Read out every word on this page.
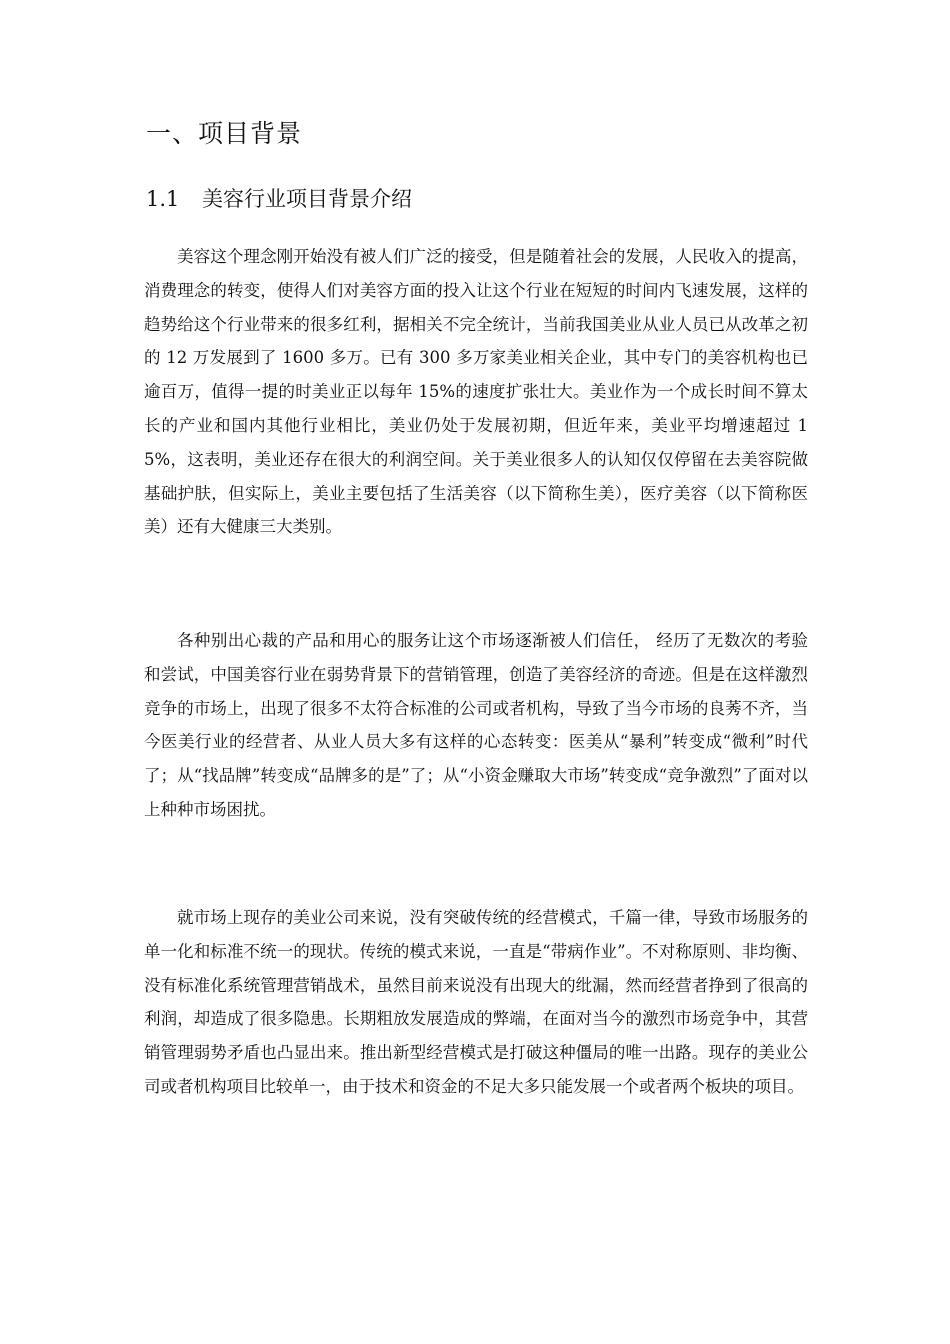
一、项目背景
1.1 美容行业项目背景介绍

美容这个理念刚开始没有被人们广泛的接受，但是随着社会的发展，人民收入的提高，消费理念的转变，使得人们对美容方面的投入让这个行业在短短的时间内飞速发展，这样的趋势给这个行业带来的很多红利，据相关不完全统计，当前我国美业从业人员已从改革之初的 12 万发展到了 1600 多万。已有 300 多万家美业相关企业，其中专门的美容机构也已逾百万，值得一提的时美业正以每年 15%的速度扩张壮大。美业作为一个成长时间不算太长的产业和国内其他行业相比，美业仍处于发展初期，但近年来，美业平均增速超过 15%，这表明，美业还存在很大的利润空间。关于美业很多人的认知仅仅停留在去美容院做基础护肤，但实际上，美业主要包括了生活美容（以下简称生美），医疗美容（以下简称医美）还有大健康三大类别。

各种别出心裁的产品和用心的服务让这个市场逐渐被人们信任， 经历了无数次的考验和尝试，中国美容行业在弱势背景下的营销管理，创造了美容经济的奇迹。但是在这样激烈竞争的市场上，出现了很多不太符合标准的公司或者机构，导致了当今市场的良莠不齐，当今医美行业的经营者、从业人员大多有这样的心态转变：医美从“暴利”转变成“微利”时代了；从“找品牌”转变成“品牌多的是”了；从“小资金赚取大市场”转变成“竞争激烈”了面对以上种种市场困扰。

就市场上现存的美业公司来说，没有突破传统的经营模式，千篇一律，导致市场服务的单一化和标准不统一的现状。传统的模式来说，一直是“带病作业”。不对称原则、非均衡、没有标准化系统管理营销战术，虽然目前来说没有出现大的纰漏，然而经营者挣到了很高的利润，却造成了很多隐患。长期粗放发展造成的弊端，在面对当今的激烈市场竞争中，其营销管理弱势矛盾也凸显出来。推出新型经营模式是打破这种僵局的唯一出路。现存的美业公司或者机构项目比较单一，由于技术和资金的不足大多只能发展一个或者两个板块的项目。
